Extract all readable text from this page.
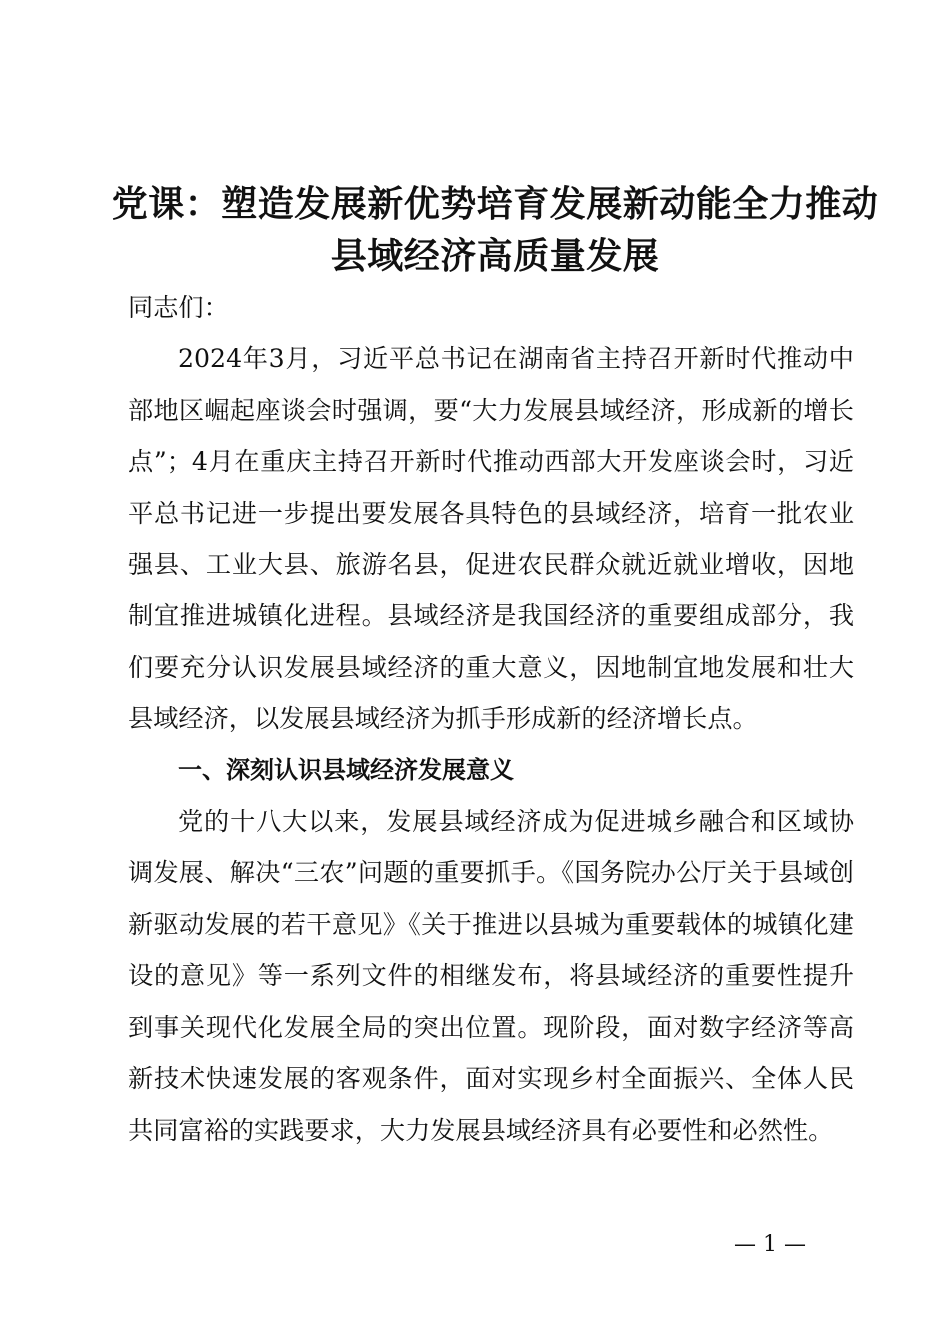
党课：塑造发展新优势培育发展新动能全力推动
县域经济高质量发展

同志们：

2024年3月，习近平总书记在湖南省主持召开新时代推动中部地区崛起座谈会时强调，要“大力发展县域经济，形成新的增长点”；4月在重庆主持召开新时代推动西部大开发座谈会时，习近平总书记进一步提出要发展各具特色的县域经济，培育一批农业强县、工业大县、旅游名县，促进农民群众就近就业增收，因地制宜推进城镇化进程。县域经济是我国经济的重要组成部分，我们要充分认识发展县域经济的重大意义，因地制宜地发展和壮大县域经济，以发展县域经济为抓手形成新的经济增长点。

一、深刻认识县域经济发展意义

党的十八大以来，发展县域经济成为促进城乡融合和区域协调发展、解决“三农”问题的重要抓手。《国务院办公厅关于县域创新驱动发展的若干意见》《关于推进以县城为重要载体的城镇化建设的意见》等一系列文件的相继发布，将县域经济的重要性提升到事关现代化发展全局的突出位置。现阶段，面对数字经济等高新技术快速发展的客观条件，面对实现乡村全面振兴、全体人民共同富裕的实践要求，大力发展县域经济具有必要性和必然性。

— 1 —
